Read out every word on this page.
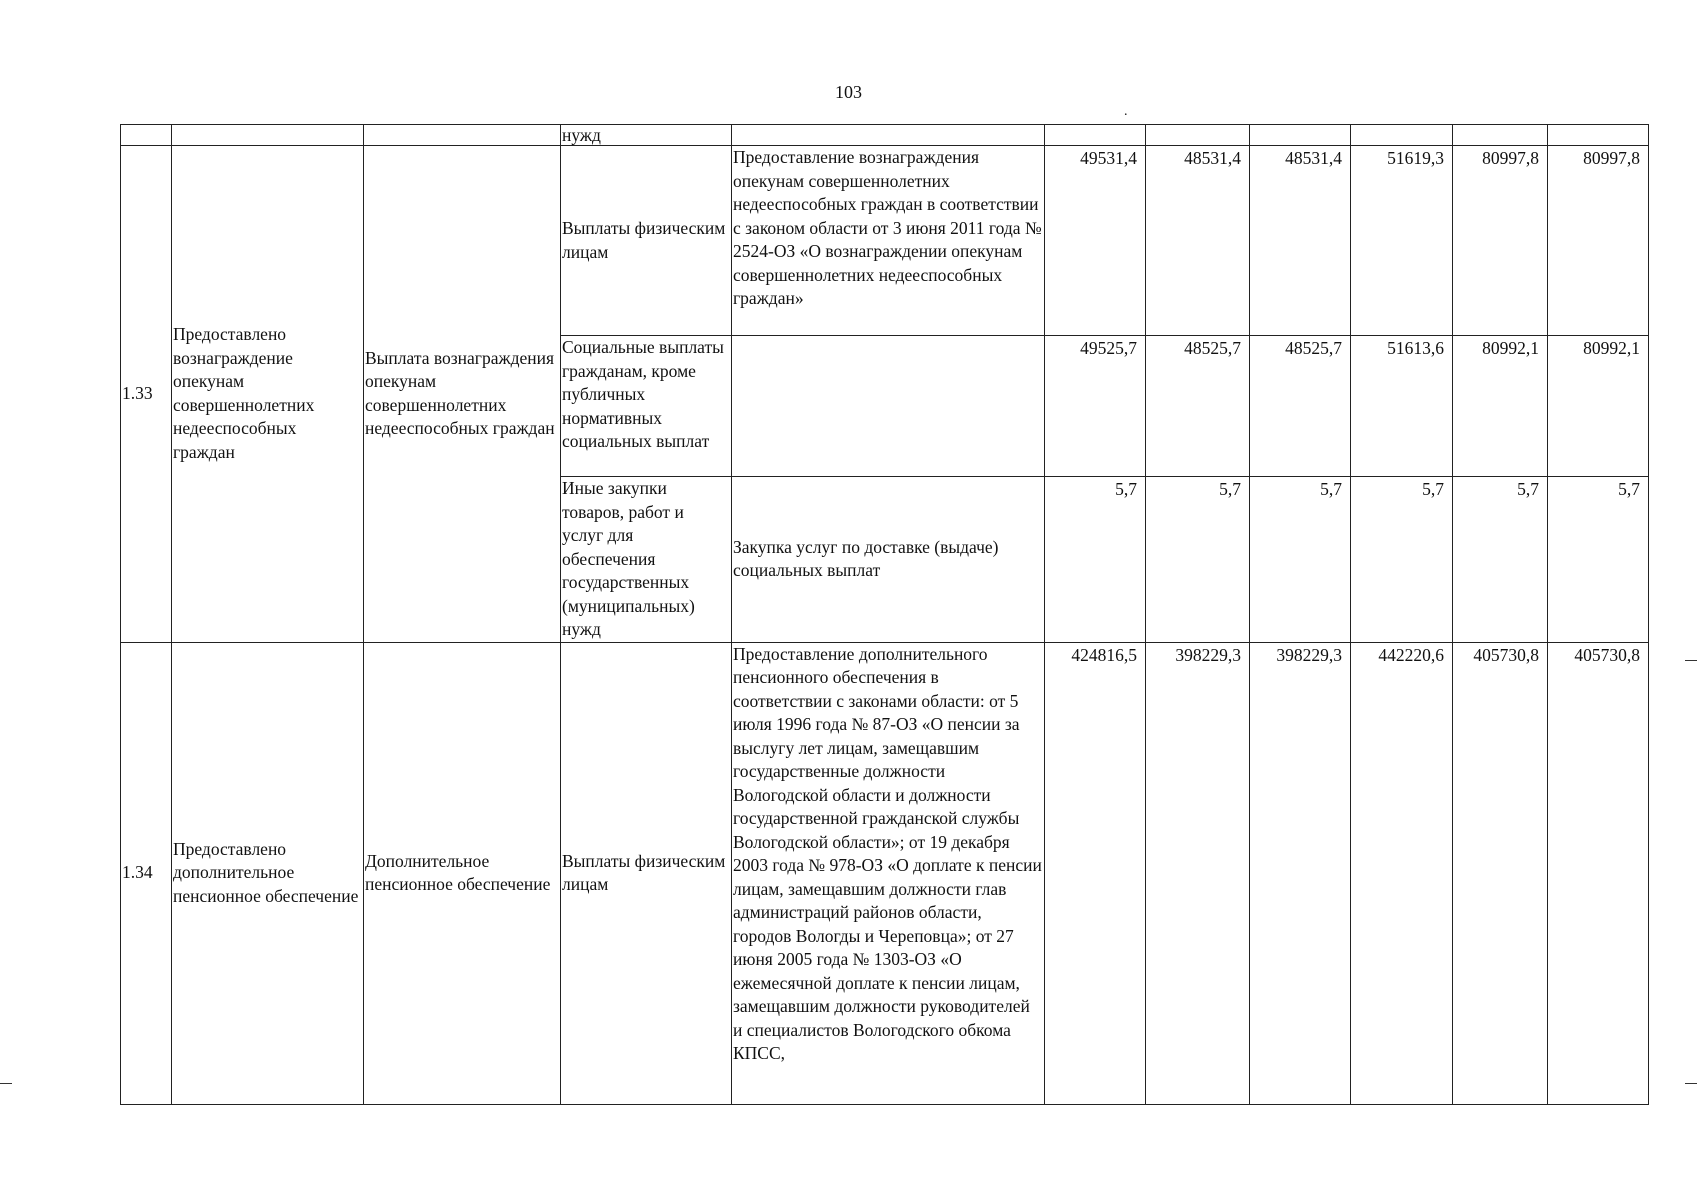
103
.
			нужд							
1.33	Предоставлено вознаграждение опекунам совершеннолетних недееспособных граждан	Выплата вознаграждения опекунам совершеннолетних недееспособных граждан	Выплаты физическим лицам	Предоставление вознаграждения опекунам совершеннолетних недееспособных граждан в соответствии с законом области от 3 июня 2011 года № 2524-ОЗ «О вознаграждении опекунам совершеннолетних недееспособных граждан»	49531,4	48531,4	48531,4	51619,3	80997,8	80997,8
			Социальные выплаты гражданам, кроме публичных нормативных социальных выплат		49525,7	48525,7	48525,7	51613,6	80992,1	80992,1
			Иные закупки товаров, работ и услуг для обеспечения государственных (муниципальных) нужд	Закупка услуг по доставке (выдаче) социальных выплат	5,7	5,7	5,7	5,7	5,7	5,7
1.34	Предоставлено дополнительное пенсионное обеспечение	Дополнительное пенсионное обеспечение	Выплаты физическим лицам	Предоставление дополнительного пенсионного обеспечения в соответствии с законами области: от 5 июля 1996 года № 87-ОЗ «О пенсии за выслугу лет лицам, замещавшим государственные должности Вологодской области и должности государственной гражданской службы Вологодской области»; от 19 декабря 2003 года № 978-ОЗ «О доплате к пенсии лицам, замещавшим должности глав администраций районов области, городов Вологды и Череповца»; от 27 июня 2005 года № 1303-ОЗ «О ежемесячной доплате к пенсии лицам, замещавшим должности руководителей и специалистов Вологодского обкома КПСС,	424816,5	398229,3	398229,3	442220,6	405730,8	405730,8
